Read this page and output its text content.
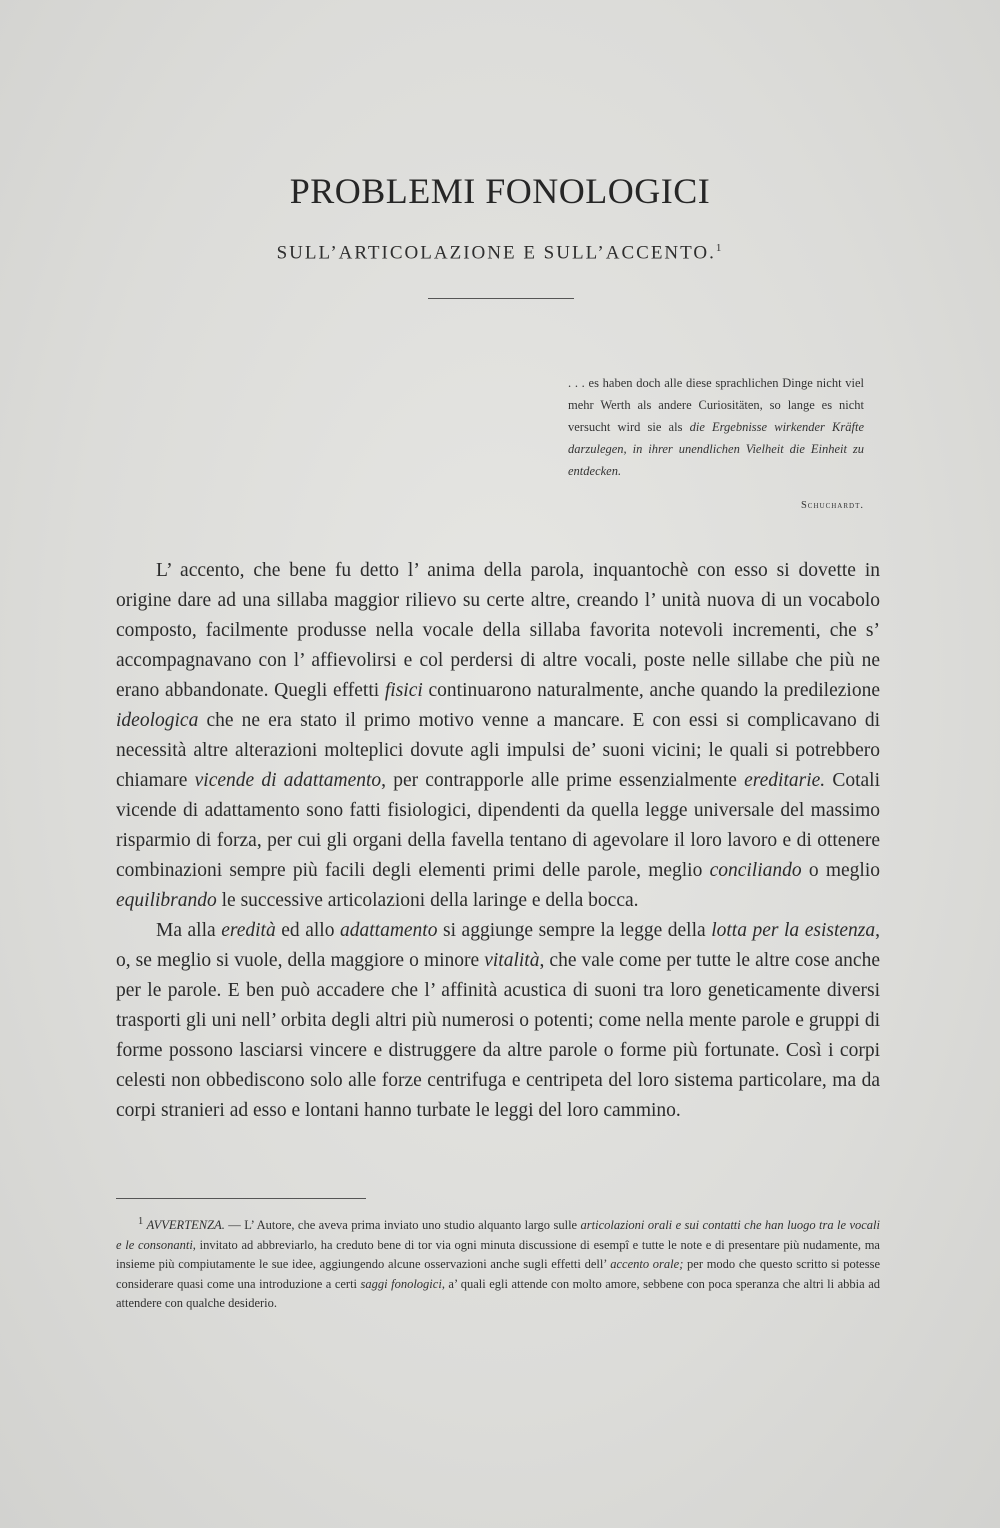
PROBLEMI FONOLOGICI
SULL’ARTICOLAZIONE E SULL’ACCENTO.$^1$
. . . es haben doch alle diese sprachlichen Dinge nicht viel mehr Werth als andere Curiositäten, so lange es nicht versucht wird sie als die Ergebnisse wirkender Kräfte darzulegen, in ihrer unendlichen Vielheit die Einheit zu entdecken.
Schuchardt.

L’ accento, che bene fu detto l’ anima della parola, inquantochè con esso si dovette in origine dare ad una sillaba maggior rilievo su certe altre, creando l’ unità nuova di un vocabolo composto, facilmente produsse nella vocale della sillaba favorita notevoli incrementi, che s’ accompagnavano con l’ affievolirsi e col perdersi di altre vocali, poste nelle sillabe che più ne erano abbandonate. Quegli effetti fisici continuarono naturalmente, anche quando la predilezione ideologica che ne era stato il primo motivo venne a mancare. E con essi si complicavano di necessità altre alterazioni molteplici dovute agli impulsi de’ suoni vicini; le quali si potrebbero chiamare vicende di adattamento, per contrapporle alle prime essenzialmente ereditarie. Cotali vicende di adattamento sono fatti fisiologici, dipendenti da quella legge universale del massimo risparmio di forza, per cui gli organi della favella tentano di agevolare il loro lavoro e di ottenere combinazioni sempre più facili degli elementi primi delle parole, meglio conciliando o meglio equilibrando le successive articolazioni della laringe e della bocca.

Ma alla eredità ed allo adattamento si aggiunge sempre la legge della lotta per la esistenza, o, se meglio si vuole, della maggiore o minore vitalità, che vale come per tutte le altre cose anche per le parole. E ben può accadere che l’ affinità acustica di suoni tra loro geneticamente diversi trasporti gli uni nell’ orbita degli altri più numerosi o potenti; come nella mente parole e gruppi di forme possono lasciarsi vincere e distruggere da altre parole o forme più fortunate. Così i corpi celesti non obbediscono solo alle forze centrifuga e centripeta del loro sistema particolare, ma da corpi stranieri ad esso e lontani hanno turbate le leggi del loro cammino.

$^1$ AVVERTENZA. — L’ Autore, che aveva prima inviato uno studio alquanto largo sulle articolazioni orali e sui contatti che han luogo tra le vocali e le consonanti, invitato ad abbreviarlo, ha creduto bene di tor via ogni minuta discussione di esempî e tutte le note e di presentare più nudamente, ma insieme più compiutamente le sue idee, aggiungendo alcune osservazioni anche sugli effetti dell’ accento orale; per modo che questo scritto si potesse considerare quasi come una introduzione a certi saggi fonologici, a’ quali egli attende con molto amore, sebbene con poca speranza che altri li abbia ad attendere con qualche desiderio.
